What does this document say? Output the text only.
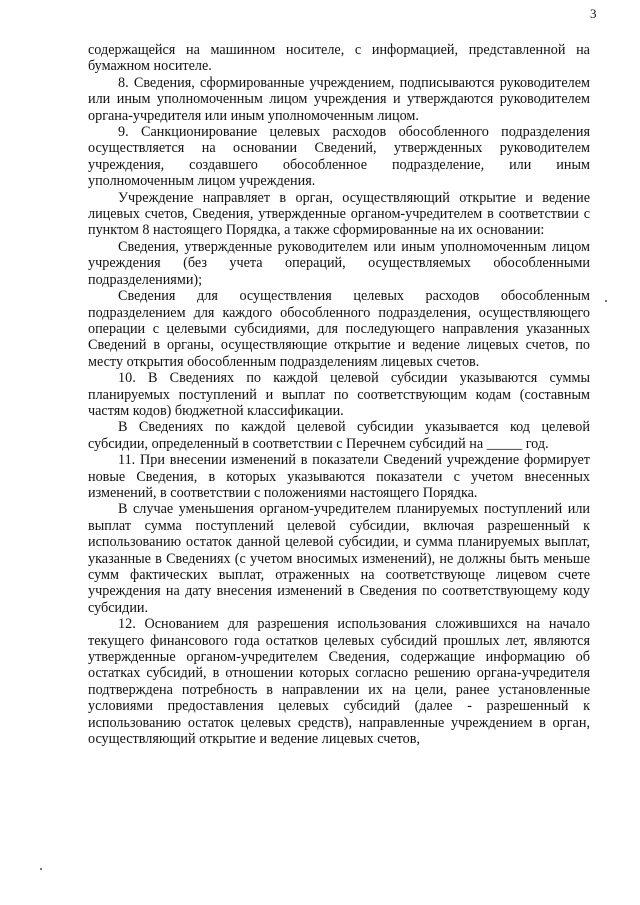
3

содержащейся на машинном носителе, с информацией, представленной на бумажном носителе.

8. Сведения, сформированные учреждением, подписываются руководителем или иным уполномоченным лицом учреждения и утверждаются руководителем органа-учредителя или иным уполномоченным лицом.

9. Санкционирование целевых расходов обособленного подразделения осуществляется на основании Сведений, утвержденных руководителем учреждения, создавшего обособленное подразделение, или иным уполномоченным лицом учреждения.

Учреждение направляет в орган, осуществляющий открытие и ведение лицевых счетов, Сведения, утвержденные органом-учредителем в соответствии с пунктом 8 настоящего Порядка, а также сформированные на их основании:

Сведения, утвержденные руководителем или иным уполномоченным лицом учреждения (без учета операций, осуществляемых обособленными подразделениями);

Сведения для осуществления целевых расходов обособленным подразделением для каждого обособленного подразделения, осуществляющего операции с целевыми субсидиями, для последующего направления указанных Сведений в органы, осуществляющие открытие и ведение лицевых счетов, по месту открытия обособленным подразделениям лицевых счетов.

10. В Сведениях по каждой целевой субсидии указываются суммы планируемых поступлений и выплат по соответствующим кодам (составным частям кодов) бюджетной классификации.

В Сведениях по каждой целевой субсидии указывается код целевой субсидии, определенный в соответствии с Перечнем субсидий на _____ год.

11. При внесении изменений в показатели Сведений учреждение формирует новые Сведения, в которых указываются показатели с учетом внесенных изменений, в соответствии с положениями настоящего Порядка.

В случае уменьшения органом-учредителем планируемых поступлений или выплат сумма поступлений целевой субсидии, включая разрешенный к использованию остаток данной целевой субсидии, и сумма планируемых выплат, указанные в Сведениях (с учетом вносимых изменений), не должны быть меньше сумм фактических выплат, отраженных на соответствующе лицевом счете учреждения на дату внесения изменений в Сведения по соответствующему коду субсидии.

12. Основанием для разрешения использования сложившихся на начало текущего финансового года остатков целевых субсидий прошлых лет, являются утвержденные органом-учредителем Сведения, содержащие информацию об остатках субсидий, в отношении которых согласно решению органа-учредителя подтверждена потребность в направлении их на цели, ранее установленные условиями предоставления целевых субсидий (далее - разрешенный к использованию остаток целевых средств), направленные учреждением в орган, осуществляющий открытие и ведение лицевых счетов,
